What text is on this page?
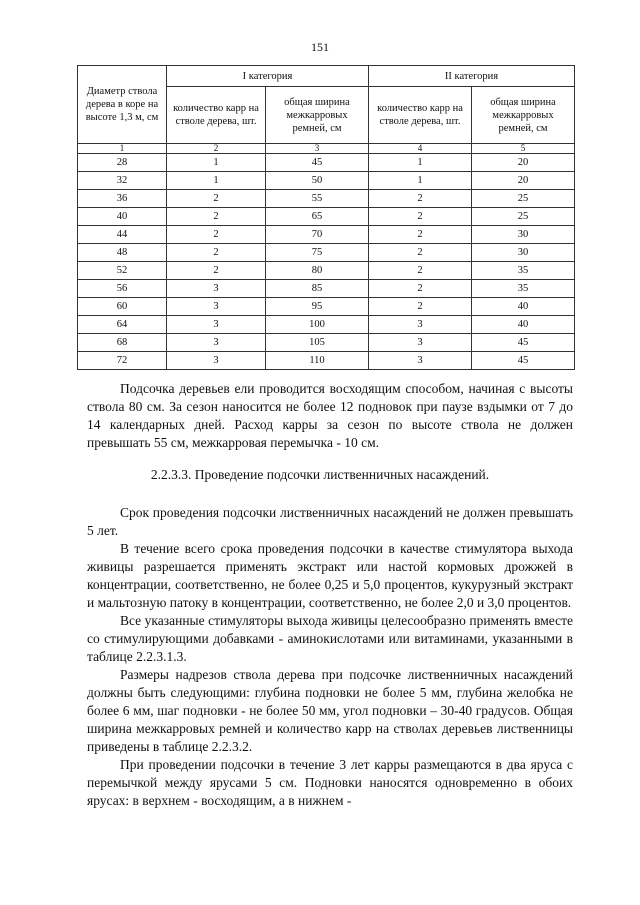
151
Диаметр ствола дерева в коре на высоте 1,3 м, см	I категория		II категория	
	количество карр на стволе дерева, шт.	общая ширина межкарровых ремней, см	количество карр на стволе дерева, шт.	общая ширина межкарровых ремней, см
1	2	3	4	5
28	1	45	1	20
32	1	50	1	20
36	2	55	2	25
40	2	65	2	25
44	2	70	2	30
48	2	75	2	30
52	2	80	2	35
56	3	85	2	35
60	3	95	2	40
64	3	100	3	40
68	3	105	3	45
72	3	110	3	45

Подсочка деревьев ели проводится восходящим способом, начиная с высоты ствола 80 см. За сезон наносится не более 12 подновок при паузе вздымки от 7 до 14 календарных дней. Расход карры за сезон по высоте ствола не должен превышать 55 см, межкарровая перемычка - 10 см.

2.2.3.3. Проведение подсочки лиственничных насаждений.

Срок проведения подсочки лиственничных насаждений не должен превышать 5 лет.

В течение всего срока проведения подсочки в качестве стимулятора выхода живицы разрешается применять экстракт или настой кормовых дрожжей в концентрации, соответственно, не более 0,25 и 5,0 процентов, кукурузный экстракт и мальтозную патоку в концентрации, соответственно, не более 2,0 и 3,0 процентов.

Все указанные стимуляторы выхода живицы целесообразно применять вместе со стимулирующими добавками - аминокислотами или витаминами, указанными в таблице 2.2.3.1.3.

Размеры надрезов ствола дерева при подсочке лиственничных насаждений должны быть следующими: глубина подновки не более 5 мм, глубина желобка не более 6 мм, шаг подновки - не более 50 мм, угол подновки – 30-40 градусов. Общая ширина межкарровых ремней и количество карр на стволах деревьев лиственницы приведены в таблице 2.2.3.2.

При проведении подсочки в течение 3 лет карры размещаются в два яруса с перемычкой между ярусами 5 см. Подновки наносятся одновременно в обоих ярусах: в верхнем - восходящим, а в нижнем -
